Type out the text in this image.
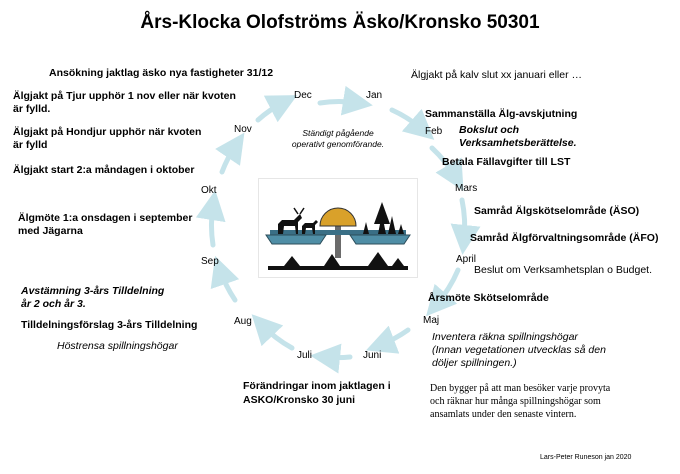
Års-Klocka Olofströms Äsko/Kronsko 50301
Dec	Jan
Feb
Mars
April
Maj
Juni
Juli
Aug
Sep
Okt
Nov	Ständigt pågående
operativt genomförande.
Ansökning jaktlag äsko nya fastigheter 31/12
Älgjakt på Tjur upphör 1 nov eller när kvoten
är fylld.
Älgjakt på Hondjur upphör när kvoten
är fylld
Älgjakt start 2:a måndagen i oktober
Älgmöte 1:a onsdagen i september
med Jägarna
Avstämning 3-års Tilldelning
år 2 och år 3.
Tilldelningsförslag 3-års Tilldelning
Höstrensa spillningshögar
Älgjakt på kalv slut xx januari eller …
Sammanställa Älg-avskjutning
Bokslut och
Verksamhetsberättelse.
Betala Fällavgifter till LST
Samråd Älgskötselområde (ÄSO)
Samråd Älgförvaltningsområde (ÄFO)
Beslut om Verksamhetsplan o Budget.
Årsmöte Skötselområde
Inventera räkna spillningshögar
(Innan vegetationen utvecklas så den
döljer spillningen.)
Den bygger på att man besöker varje provyta
och räknar hur många spillningshögar som
ansamlats under den senaste vintern.
Förändringar inom jaktlagen i
ASKO/Kronsko 30 juni
Lars-Peter Runeson jan 2020
